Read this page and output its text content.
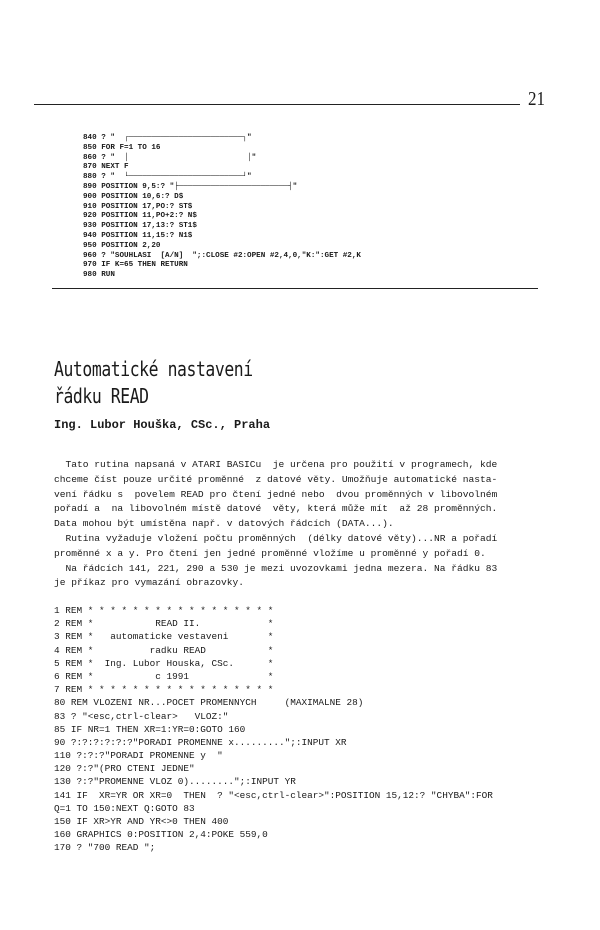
21
840 ? "  ┌─────────────────────────┐"
850 FOR F=1 TO 16
860 ? "  │                          │"
870 NEXT F
880 ? "  └─────────────────────────┘"
890 POSITION 9,5:? "├────────────────────────┤"
900 POSITION 10,6:? D$
910 POSITION 17,PO:? ST$
920 POSITION 11,PO+2:? N$
930 POSITION 17,13:? ST1$
940 POSITION 11,15:? N1$
950 POSITION 2,20
960 ? "SOUHLASI  [A/N]  ";:CLOSE #2:OPEN #2,4,0,"K:":GET #2,K
970 IF K=65 THEN RETURN
980 RUN
Automatické nastavení
řádku READ
Ing. Lubor Houška, CSc., Praha
Tato rutina napsaná v ATARI BASICu  je určena pro použití v programech, kde
chceme číst pouze určité proměnné  z datové věty. Umožňuje automatické nasta-
vení řádku s  povelem READ pro čtení jedné nebo  dvou proměnných v libovolném
pořadí a  na libovolném místě datové  věty, která může mít  až 28 proměnných.
Data mohou být umístěna např. v datových řádcích (DATA...).
Rutina vyžaduje vložení počtu proměnných  (délky datové věty)...NR a pořadí
proměnné x a y. Pro čtení jen jedné proměnné vložíme u proměnné y pořadí 0.
Na řádcích 141, 221, 290 a 530 je mezi uvozovkami jedna mezera. Na řádku 83
je příkaz pro vymazání obrazovky.
1 REM * * * * * * * * * * * * * * * * *
2 REM *           READ II.            *
3 REM *   automaticke vestaveni       *
4 REM *          radku READ           *
5 REM *  Ing. Lubor Houska, CSc.      *
6 REM *           c 1991              *
7 REM * * * * * * * * * * * * * * * * *
80 REM VLOZENI NR...POCET PROMENNYCH     (MAXIMALNE 28)
83 ? "<esc,ctrl-clear>   VLOZ:"
85 IF NR=1 THEN XR=1:YR=0:GOTO 160
90 ?:?:?:?:?:?"PORADI PROMENNE x.........";:INPUT XR
110 ?:?:?"PORADI PROMENNE y  "
120 ?:?"(PRO CTENI JEDNE"
130 ?:?"PROMENNE VLOZ 0)........";:INPUT YR
141 IF  XR=YR OR XR=0  THEN  ? "<esc,ctrl-clear>":POSITION 15,12:? "CHYBA":FOR
Q=1 TO 150:NEXT Q:GOTO 83
150 IF XR>YR AND YR<>0 THEN 400
160 GRAPHICS 0:POSITION 2,4:POKE 559,0
170 ? "700 READ ";
